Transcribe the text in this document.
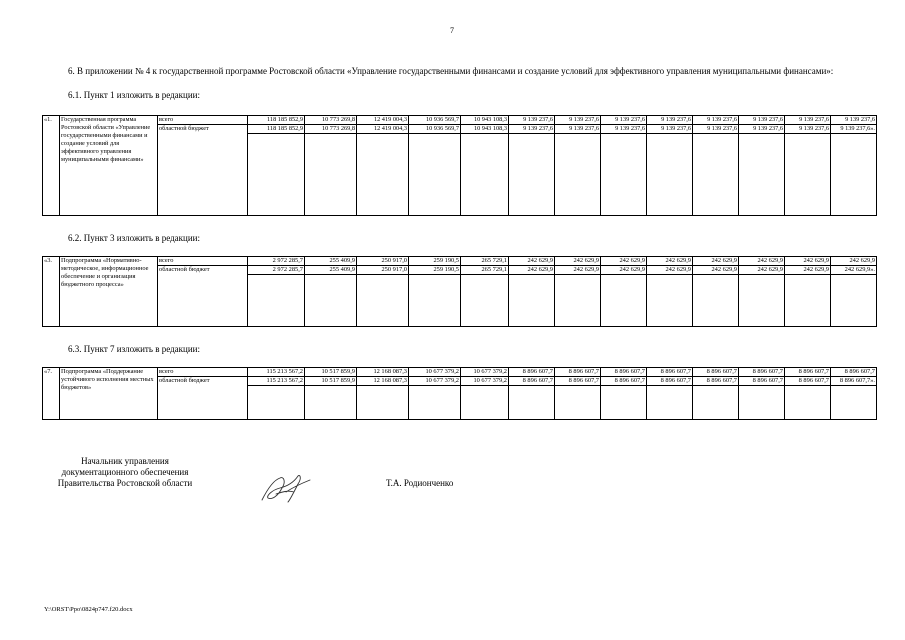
7
6. В приложении № 4 к государственной программе Ростовской области «Управление государственными финансами и создание условий для эффективного управления муниципальными финансами»:
6.1. Пункт 1 изложить в редакции:
«1.	Государственная программа Ростовской области «Управление государственными финансами и создание условий для эффективного управления муниципальными финансами»	всего	118 185 852,9	10 773 269,8	12 419 004,3	10 936 569,7	10 943 108,3	9 139 237,6	9 139 237,6	9 139 237,6	9 139 237,6	9 139 237,6	9 139 237,6	9 139 237,6	9 139 237,6
		областной бюджет	118 185 852,9	10 773 269,8	12 419 004,3	10 936 569,7	10 943 108,3	9 139 237,6	9 139 237,6	9 139 237,6	9 139 237,6	9 139 237,6	9 139 237,6	9 139 237,6	9 139 237,6».

6.2. Пункт 3 изложить в редакции:
«3.	Подпрограмма «Нормативно-методическое, информационное обеспечение и организация бюджетного процесса»	всего	2 972 285,7	255 409,9	250 917,0	259 190,5	265 729,1	242 629,9	242 629,9	242 629,9	242 629,9	242 629,9	242 629,9	242 629,9	242 629,9
		областной бюджет	2 972 285,7	255 409,9	250 917,0	259 190,5	265 729,1	242 629,9	242 629,9	242 629,9	242 629,9	242 629,9	242 629,9	242 629,9	242 629,9».

6.3. Пункт 7 изложить в редакции:
«7.	Подпрограмма «Поддержание устойчивого исполнения местных бюджетов»	всего	115 213 567,2	10 517 859,9	12 168 087,3	10 677 379,2	10 677 379,2	8 896 607,7	8 896 607,7	8 896 607,7	8 896 607,7	8 896 607,7	8 896 607,7	8 896 607,7	8 896 607,7
		областной бюджет	115 213 567,2	10 517 859,9	12 168 087,3	10 677 379,2	10 677 379,2	8 896 607,7	8 896 607,7	8 896 607,7	8 896 607,7	8 896 607,7	8 896 607,7	8 896 607,7	8 896 607,7».

Начальник управления
документационного обеспечения
Правительства Ростовской области	Т.А. Родионченко
Y:\ORST\Ppo\0824p747.f20.docx
